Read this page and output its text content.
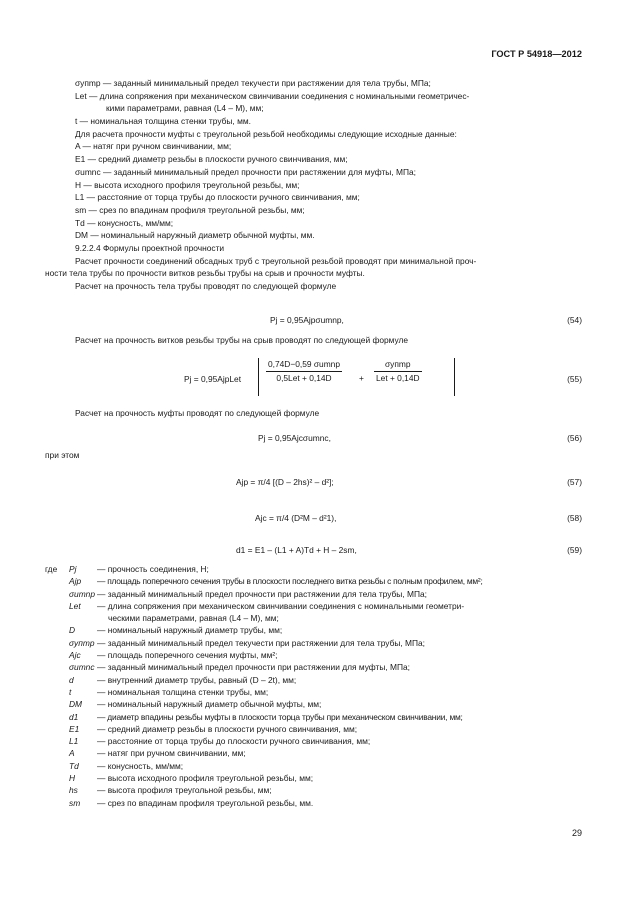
ГОСТ Р 54918—2012
σупmр — заданный минимальный предел текучести при растяжении для тела трубы, МПа;
Let — длина сопряжения при механическом свинчивании соединения с номинальными геометричес-
кими параметрами, равная (L4 – M), мм;
t — номинальная толщина стенки трубы, мм.
Для расчета прочности муфты с треугольной резьбой необходимы следующие исходные данные:
A — натяг при ручном свинчивании, мм;
E1 — средний диаметр резьбы в плоскости ручного свинчивания, мм;
σumnc — заданный минимальный предел прочности при растяжении для муфты, МПа;
H — высота исходного профиля треугольной резьбы, мм;
L1 — расстояние от торца трубы до плоскости ручного свинчивания, мм;
sm — срез по впадинам профиля треугольной резьбы, мм;
Td — конусность, мм/мм;
DM — номинальный наружный диаметр обычной муфты, мм.
9.2.2.4 Формулы проектной прочности
Расчет прочности соединений обсадных труб с треугольной резьбой проводят при минимальной проч-
ности тела трубы по прочности витков резьбы трубы на срыв и прочности муфты.
Расчет на прочность тела трубы проводят по следующей формуле
Pj = 0,95Ajpσumnp,	(54)
Расчет на прочность витков резьбы трубы на срыв проводят по следующей формуле
Pj = 0,95AjpLet
0,74D−0,59 σumnp
0,5Let + 0,14D	+
σупmр
Let + 0,14D	(55)
Расчет на прочность муфты проводят по следующей формуле
Pj = 0,95Ajcσumnc,	(56)
при этом
Ajp = π/4 [(D – 2hs)² – d²];	(57)
Ajc = π/4 (D²M – d²1),	(58)
d1 = E1 – (L1 + A)Td + H – 2sm,	(59)
где Pj — прочность соединения, Н;
Ajp — площадь поперечного сечения трубы в плоскости последнего витка резьбы с полным профилем, мм²;
σumnp — заданный минимальный предел прочности при растяжении для тела трубы, МПа;
Let — длина сопряжения при механическом свинчивании соединения с номинальными геометри-
ческими параметрами, равная (L4 – M), мм;
D	— номинальный наружный диаметр трубы, мм;
σупmр — заданный минимальный предел текучести при растяжении для тела трубы, МПа;
Ajc — площадь поперечного сечения муфты, мм²;
σumnc — заданный минимальный предел прочности при растяжении для муфты, МПа;
d	— внутренний диаметр трубы, равный (D – 2t), мм;
t	— номинальная толщина стенки трубы, мм;
DM — номинальный наружный диаметр обычной муфты, мм;
d1 — диаметр впадины резьбы муфты в плоскости торца трубы при механическом свинчивании, мм;
E1 — средний диаметр резьбы в плоскости ручного свинчивания, мм;
L1 — расстояние от торца трубы до плоскости ручного свинчивания, мм;
A	— натяг при ручном свинчивании, мм;
Td — конусность, мм/мм;
H	— высота исходного профиля треугольной резьбы, мм;
hs — высота профиля треугольной резьбы, мм;
sm — срез по впадинам профиля треугольной резьбы, мм.
29
